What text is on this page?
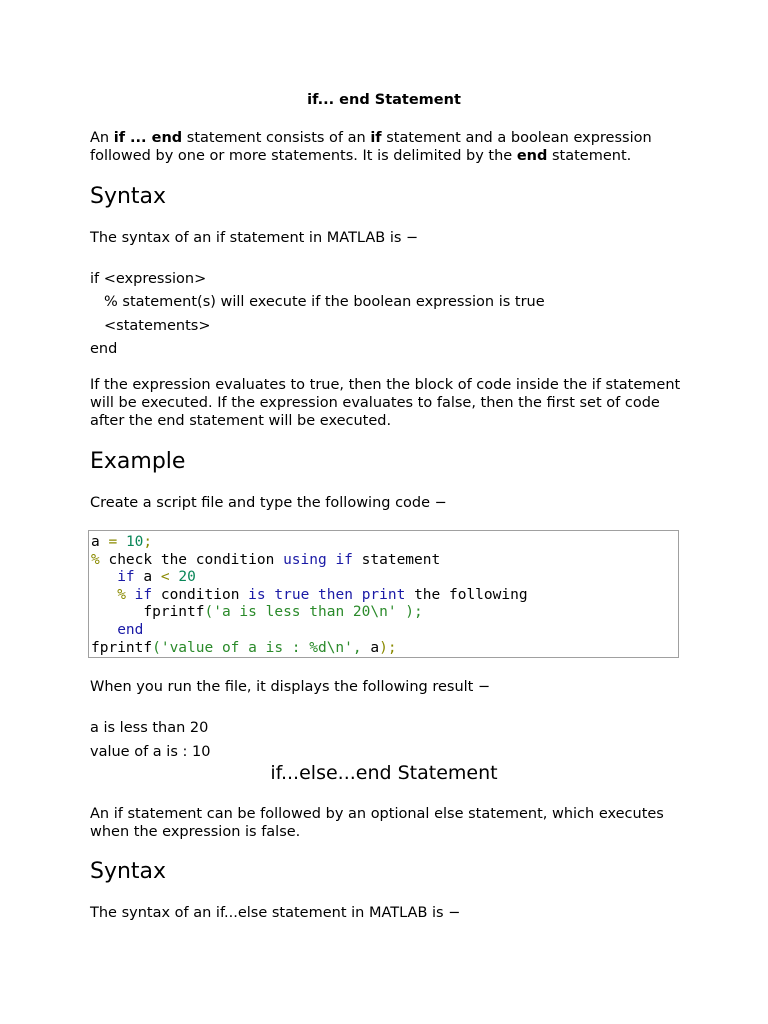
if... end Statement
An if ... end statement consists of an if statement and a boolean expression followed by one or more statements. It is delimited by the end statement.
Syntax
The syntax of an if statement in MATLAB is −
if <expression>
% statement(s) will execute if the boolean expression is true
<statements>
end
If the expression evaluates to true, then the block of code inside the if statement will be executed. If the expression evaluates to false, then the first set of code after the end statement will be executed.
Example
Create a script file and type the following code −
a = 10;
% check the condition using if statement
if a < 20
% if condition is true then print the following
fprintf('a is less than 20\n' );
end
fprintf('value of a is : %d\n', a);
When you run the file, it displays the following result −
a is less than 20
value of a is : 10
if...else...end Statement
An if statement can be followed by an optional else statement, which executes when the expression is false.
Syntax
The syntax of an if...else statement in MATLAB is −
